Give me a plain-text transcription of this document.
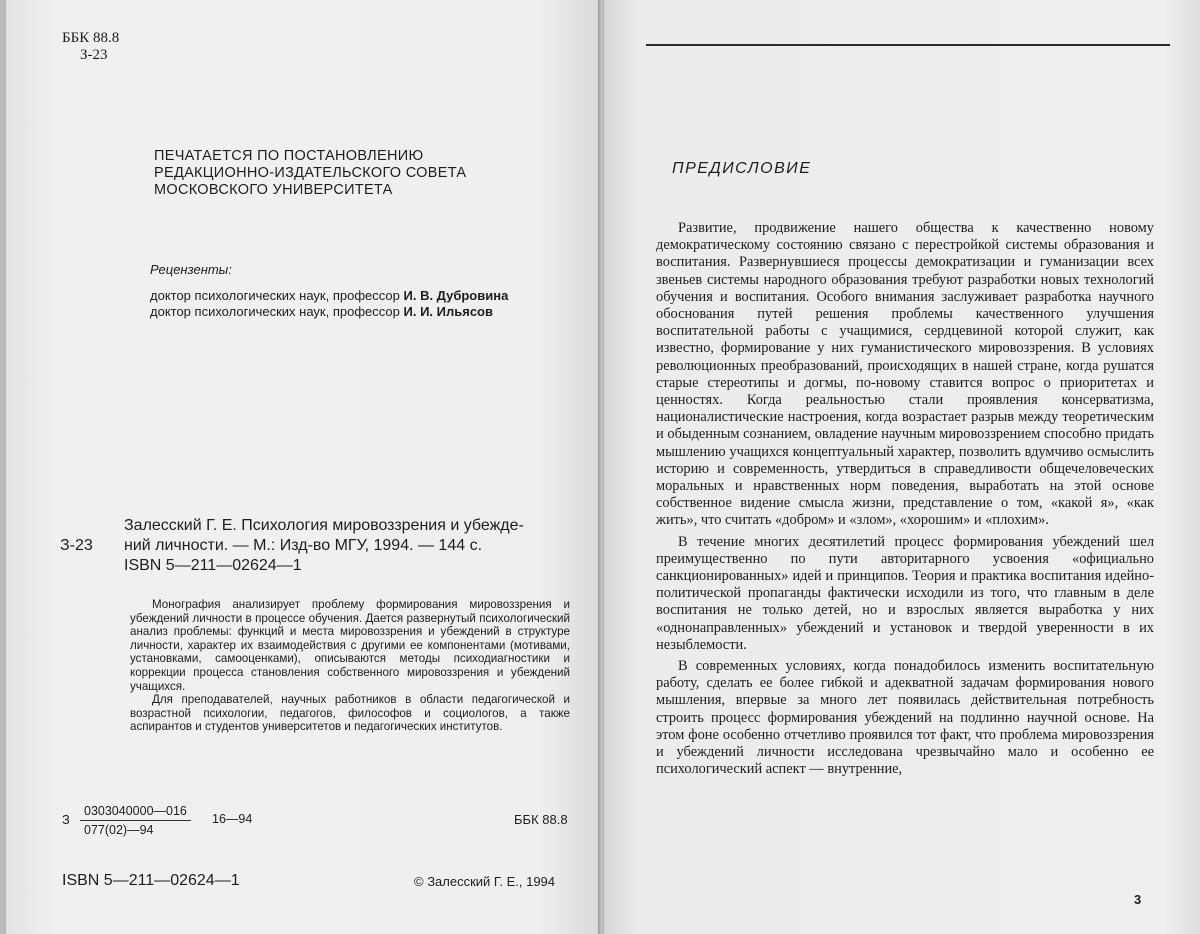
ББК 88.8
З-23
ПЕЧАТАЕТСЯ ПО ПОСТАНОВЛЕНИЮ
РЕДАКЦИОННО-ИЗДАТЕЛЬСКОГО СОВЕТА
МОСКОВСКОГО УНИВЕРСИТЕТА
Рецензенты:
доктор психологических наук, профессор И. В. Дубровина
доктор психологических наук, профессор И. И. Ильясов
Залесский Г. Е. Психология мировоззрения и убежде-
З-23 ний личности. — М.: Изд-во МГУ, 1994. — 144 с.
ISBN 5—211—02624—1

Монография анализирует проблему формирования мировоззрения и убеждений личности в процессе обучения. Дается развернутый психологический анализ проблемы: функций и места мировоззрения и убеждений в структуре личности, характер их взаимодействия с другими ее компонентами (мотивами, установками, самооценками), описываются методы психодиагностики и коррекции процесса становления собственного мировоззрения и убеждений учащихся.

Для преподавателей, научных работников в области педагогической и возрастной психологии, педагогов, философов и социологов, а также аспирантов и студентов университетов и педагогических институтов.

З $\frac{0303040000—016}{077(02)—94}$ 16—94	ББК 88.8
ISBN 5—211—02624—1	© Залесский Г. Е., 1994
ПРЕДИСЛОВИЕ

Развитие, продвижение нашего общества к качественно новому демократическому состоянию связано с перестройкой системы образования и воспитания. Развернувшиеся процессы демократизации и гуманизации всех звеньев системы народного образования требуют разработки новых технологий обучения и воспитания. Особого внимания заслуживает разработка научного обоснования путей решения проблемы качественного улучшения воспитательной работы с учащимися, сердцевиной которой служит, как известно, формирование у них гуманистического мировоззрения. В условиях революционных преобразований, происходящих в нашей стране, когда рушатся старые стереотипы и догмы, по-новому ставится вопрос о приоритетах и ценностях. Когда реальностью стали проявления консерватизма, националистические настроения, когда возрастает разрыв между теоретическим и обыденным сознанием, овладение научным мировоззрением способно придать мышлению учащихся концептуальный характер, позволить вдумчиво осмыслить историю и современность, утвердиться в справедливости общечеловеческих моральных и нравственных норм поведения, выработать на этой основе собственное видение смысла жизни, представление о том, «какой я», «как жить», что считать «добром» и «злом», «хорошим» и «плохим».

В течение многих десятилетий процесс формирования убеждений шел преимущественно по пути авторитарного усвоения «официально санкционированных» идей и принципов. Теория и практика воспитания идейно-политической пропаганды фактически исходили из того, что главным в деле воспитания не только детей, но и взрослых является выработка у них «однонаправленных» убеждений и установок и твердой уверенности в их незыблемости.

В современных условиях, когда понадобилось изменить воспитательную работу, сделать ее более гибкой и адекватной задачам формирования нового мышления, впервые за много лет появилась действительная потребность строить процесс формирования убеждений на подлинно научной основе. На этом фоне особенно отчетливо проявился тот факт, что проблема мировоззрения и убеждений личности исследована чрезвычайно мало и особенно ее психологический аспект — внутренние,

3
